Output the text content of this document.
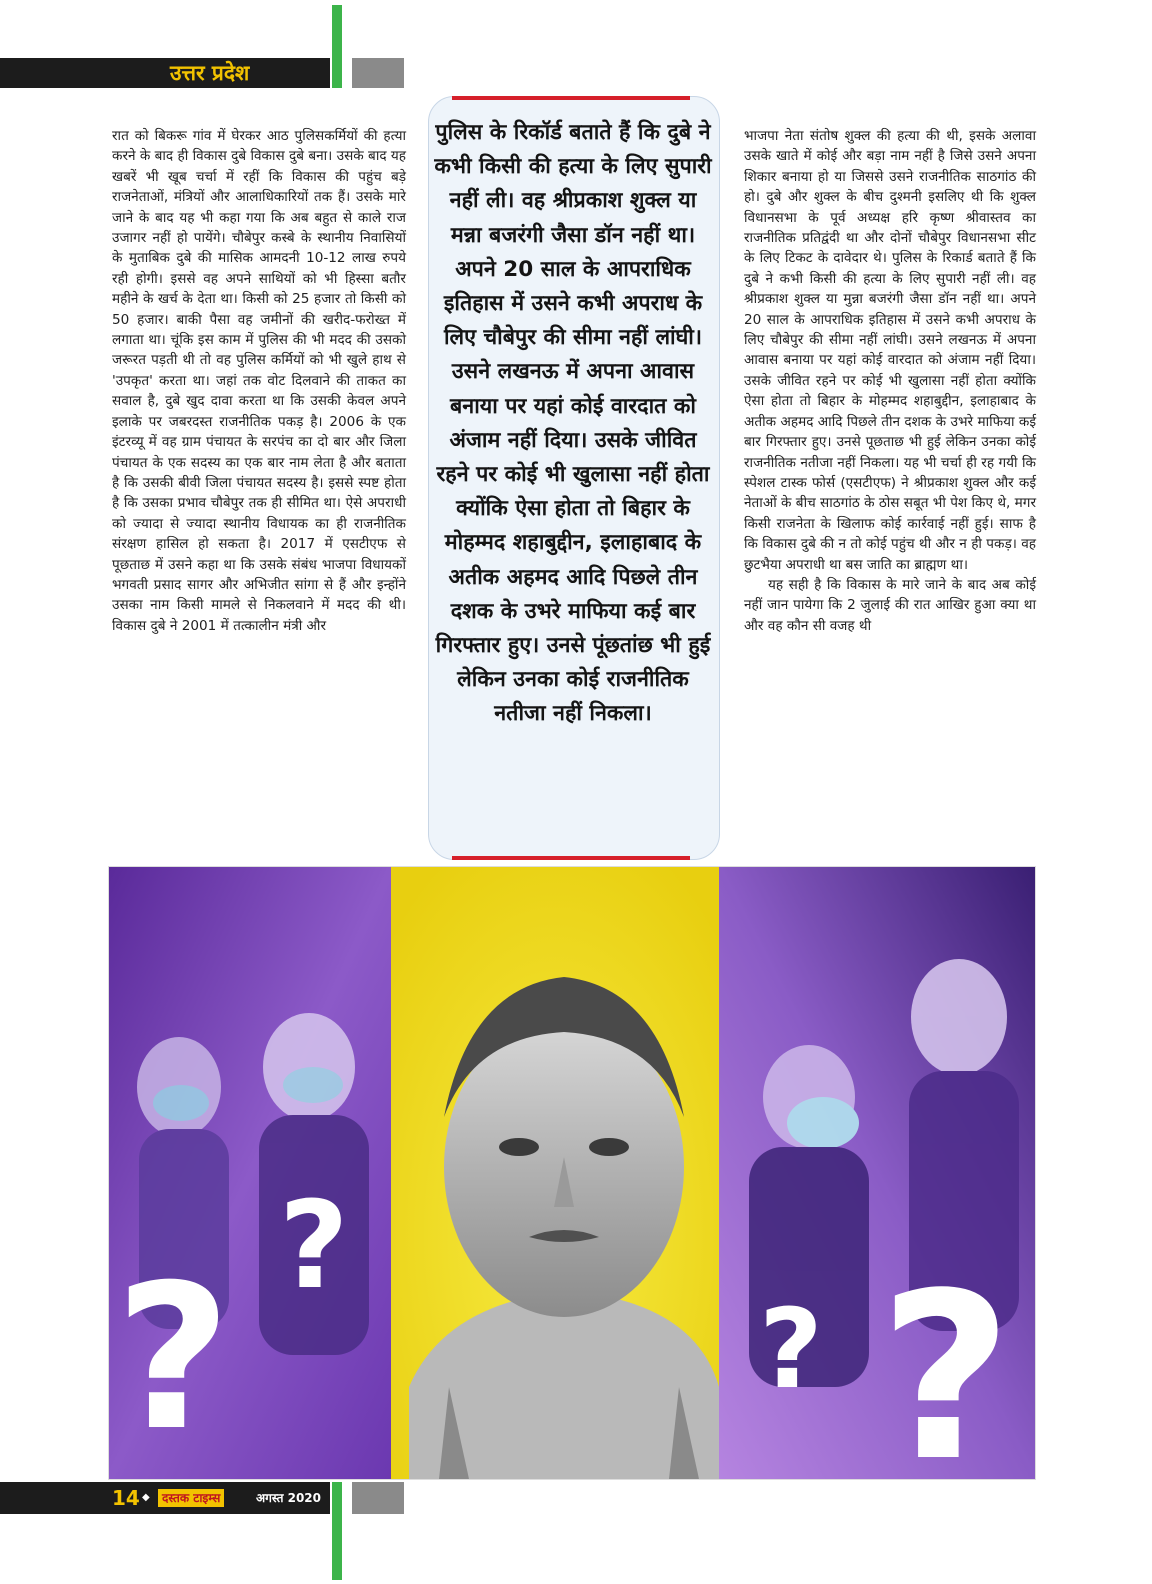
उत्तर प्रदेश

रात को बिकरू गांव में घेरकर आठ पुलिसकर्मियों की हत्या करने के बाद ही विकास दुबे विकास दुबे बना। उसके बाद यह खबरें भी खूब चर्चा में रहीं कि विकास की पहुंच बड़े राजनेताओं, मंत्रियों और आलाधिकारियों तक हैं। उसके मारे जाने के बाद यह भी कहा गया कि अब बहुत से काले राज उजागर नहीं हो पायेंगे। चौबेपुर कस्बे के स्थानीय निवासियों के मुताबिक दुबे की मासिक आमदनी 10-12 लाख रुपये रही होगी। इससे वह अपने साथियों को भी हिस्सा बतौर महीने के खर्च के देता था। किसी को 25 हजार तो किसी को 50 हजार। बाकी पैसा वह जमीनों की खरीद-फरोख्त में लगाता था। चूंकि इस काम में पुलिस की भी मदद की उसको जरूरत पड़ती थी तो वह पुलिस कर्मियों को भी खुले हाथ से 'उपकृत' करता था। जहां तक वोट दिलवाने की ताकत का सवाल है, दुबे खुद दावा करता था कि उसकी केवल अपने इलाके पर जबरदस्त राजनीतिक पकड़ है। 2006 के एक इंटरव्यू में वह ग्राम पंचायत के सरपंच का दो बार और जिला पंचायत के एक सदस्य का एक बार नाम लेता है और बताता है कि उसकी बीवी जिला पंचायत सदस्य है। इससे स्पष्ट होता है कि उसका प्रभाव चौबेपुर तक ही सीमित था। ऐसे अपराधी को ज्यादा से ज्यादा स्थानीय विधायक का ही राजनीतिक संरक्षण हासिल हो सकता है। 2017 में एसटीएफ से पूछताछ में उसने कहा था कि उसके संबंध भाजपा विधायकों भगवती प्रसाद सागर और अभिजीत सांगा से हैं और इन्होंने उसका नाम किसी मामले से निकलवाने में मदद की थी। विकास दुबे ने 2001 में तत्कालीन मंत्री और

पुलिस के रिकॉर्ड बताते हैं कि दुबे ने कभी किसी की हत्या के लिए सुपारी नहीं ली। वह श्रीप्रकाश शुक्ल या मन्ना बजरंगी जैसा डॉन नहीं था। अपने 20 साल के आपराधिक इतिहास में उसने कभी अपराध के लिए चौबेपुर की सीमा नहीं लांघी। उसने लखनऊ में अपना आवास बनाया पर यहां कोई वारदात को अंजाम नहीं दिया। उसके जीवित रहने पर कोई भी खुलासा नहीं होता क्योंकि ऐसा होता तो बिहार के मोहम्मद शहाबुद्दीन, इलाहाबाद के अतीक अहमद आदि पिछले तीन दशक के उभरे माफिया कई बार गिरफ्तार हुए। उनसे पूंछतांछ भी हुई लेकिन उनका कोई राजनीतिक नतीजा नहीं निकला।

भाजपा नेता संतोष शुक्ल की हत्या की थी, इसके अलावा उसके खाते में कोई और बड़ा नाम नहीं है जिसे उसने अपना शिकार बनाया हो या जिससे उसने राजनीतिक साठगांठ की हो। दुबे और शुक्ल के बीच दुश्मनी इसलिए थी कि शुक्ल विधानसभा के पूर्व अध्यक्ष हरि कृष्ण श्रीवास्तव का राजनीतिक प्रतिद्वंदी था और दोनों चौबेपुर विधानसभा सीट के लिए टिकट के दावेदार थे। पुलिस के रिकार्ड बताते हैं कि दुबे ने कभी किसी की हत्या के लिए सुपारी नहीं ली। वह श्रीप्रकाश शुक्ल या मुन्ना बजरंगी जैसा डॉन नहीं था। अपने 20 साल के आपराधिक इतिहास में उसने कभी अपराध के लिए चौबेपुर की सीमा नहीं लांघी। उसने लखनऊ में अपना आवास बनाया पर यहां कोई वारदात को अंजाम नहीं दिया। उसके जीवित रहने पर कोई भी खुलासा नहीं होता क्योंकि ऐसा होता तो बिहार के मोहम्मद शहाबुद्दीन, इलाहाबाद के अतीक अहमद आदि पिछले तीन दशक के उभरे माफिया कई बार गिरफ्तार हुए। उनसे पूछताछ भी हुई लेकिन उनका कोई राजनीतिक नतीजा नहीं निकला। यह भी चर्चा ही रह गयी कि स्पेशल टास्क फोर्स (एसटीएफ) ने श्रीप्रकाश शुक्ल और कई नेताओं के बीच साठगांठ के ठोस सबूत भी पेश किए थे, मगर किसी राजनेता के खिलाफ कोई कार्रवाई नहीं हुई। साफ है कि विकास दुबे की न तो कोई पहुंच थी और न ही पकड़। वह छुटभैया अपराधी था बस जाति का ब्राह्मण था।

यह सही है कि विकास के मारे जाने के बाद अब कोई नहीं जान पायेगा कि 2 जुलाई की रात आखिर हुआ क्या था और वह कौन सी वजह थी

?
?	? ?
14 ◆	दस्तक टाइम्स	अगस्त 2020
